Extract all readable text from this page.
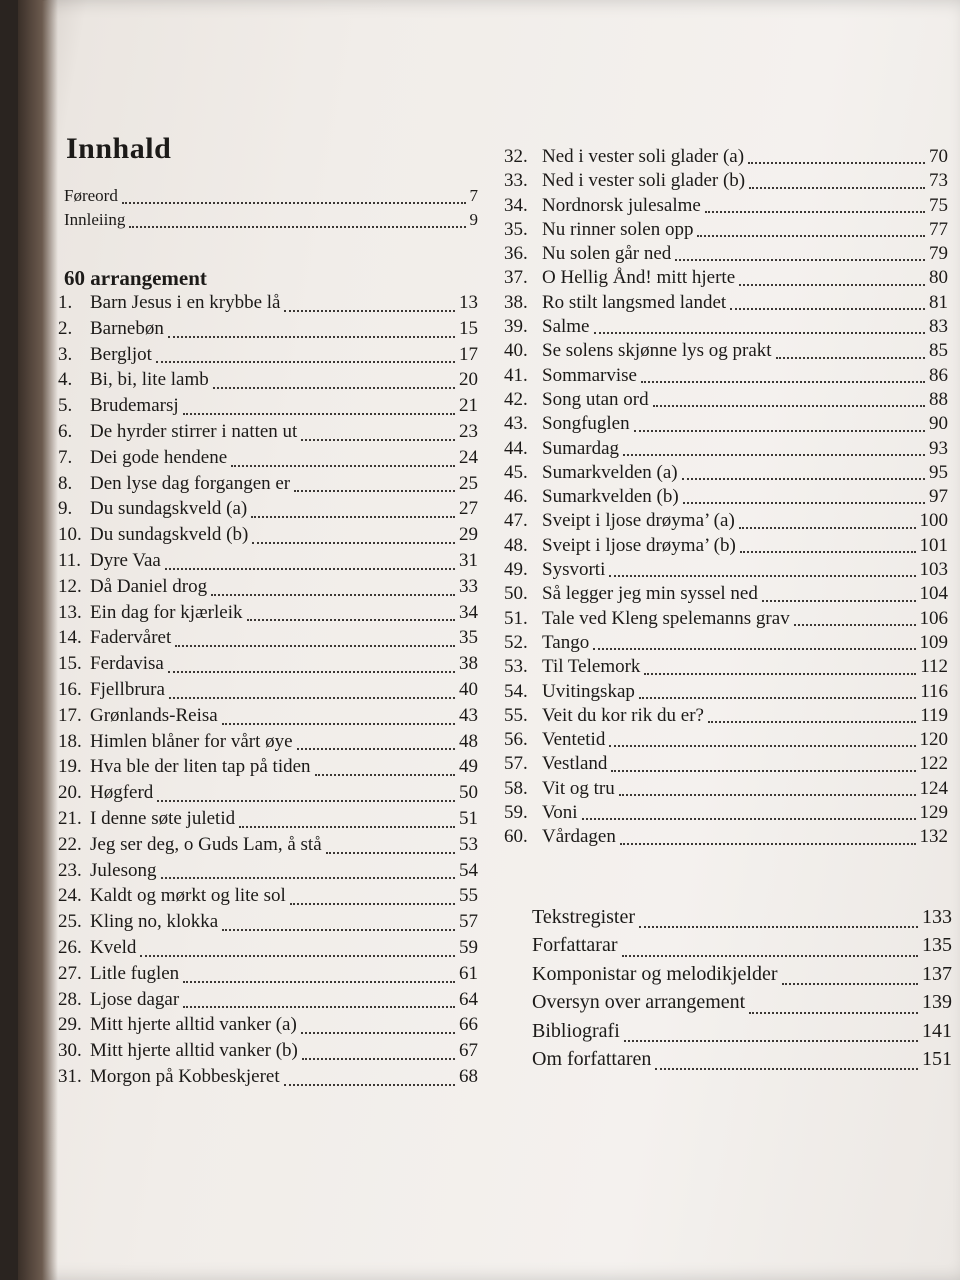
Innhald
Føreord	7
Innleiing	9
60 arrangement
1. Barn Jesus i en krybbe lå	13
2. Barnebøn	15
3. Bergljot	17
4. Bi, bi, lite lamb	20
5. Brudemarsj	21
6. De hyrder stirrer i natten ut	23
7. Dei gode hendene	24
8. Den lyse dag forgangen er	25
9. Du sundagskveld (a)	27
10. Du sundagskveld (b)	29
11. Dyre Vaa	31
12. Då Daniel drog	33
13. Ein dag for kjærleik	34
14. Fadervåret	35
15. Ferdavisa	38
16. Fjellbrura	40
17. Grønlands-Reisa	43
18. Himlen blåner for vårt øye	48
19. Hva ble der liten tap på tiden	49
20. Høgferd	50
21. I denne søte juletid	51
22. Jeg ser deg, o Guds Lam, å stå	53
23. Julesong	54
24. Kaldt og mørkt og lite sol	55
25. Kling no, klokka	57
26. Kveld	59
27. Litle fuglen	61
28. Ljose dagar	64
29. Mitt hjerte alltid vanker (a)	66
30. Mitt hjerte alltid vanker (b)	67
31. Morgon på Kobbeskjeret	68
32. Ned i vester soli glader (a)	70
33. Ned i vester soli glader (b)	73
34. Nordnorsk julesalme	75
35. Nu rinner solen opp	77
36. Nu solen går ned	79
37. O Hellig Ånd! mitt hjerte	80
38. Ro stilt langsmed landet	81
39. Salme	83
40. Se solens skjønne lys og prakt	85
41. Sommarvise	86
42. Song utan ord	88
43. Songfuglen	90
44. Sumardag	93
45. Sumarkvelden (a)	95
46. Sumarkvelden (b)	97
47. Sveipt i ljose drøyma’ (a)	100
48. Sveipt i ljose drøyma’ (b)	101
49. Sysvorti	103
50. Så legger jeg min syssel ned	104
51. Tale ved Kleng spelemanns grav	106
52. Tango	109
53. Til Telemork	112
54. Uvitingskap	116
55. Veit du kor rik du er?	119
56. Ventetid	120
57. Vestland	122
58. Vit og tru	124
59. Voni	129
60. Vårdagen	132
Tekstregister	133
Forfattarar	135
Komponistar og melodikjelder	137
Oversyn over arrangement	139
Bibliografi	141
Om forfattaren	151
